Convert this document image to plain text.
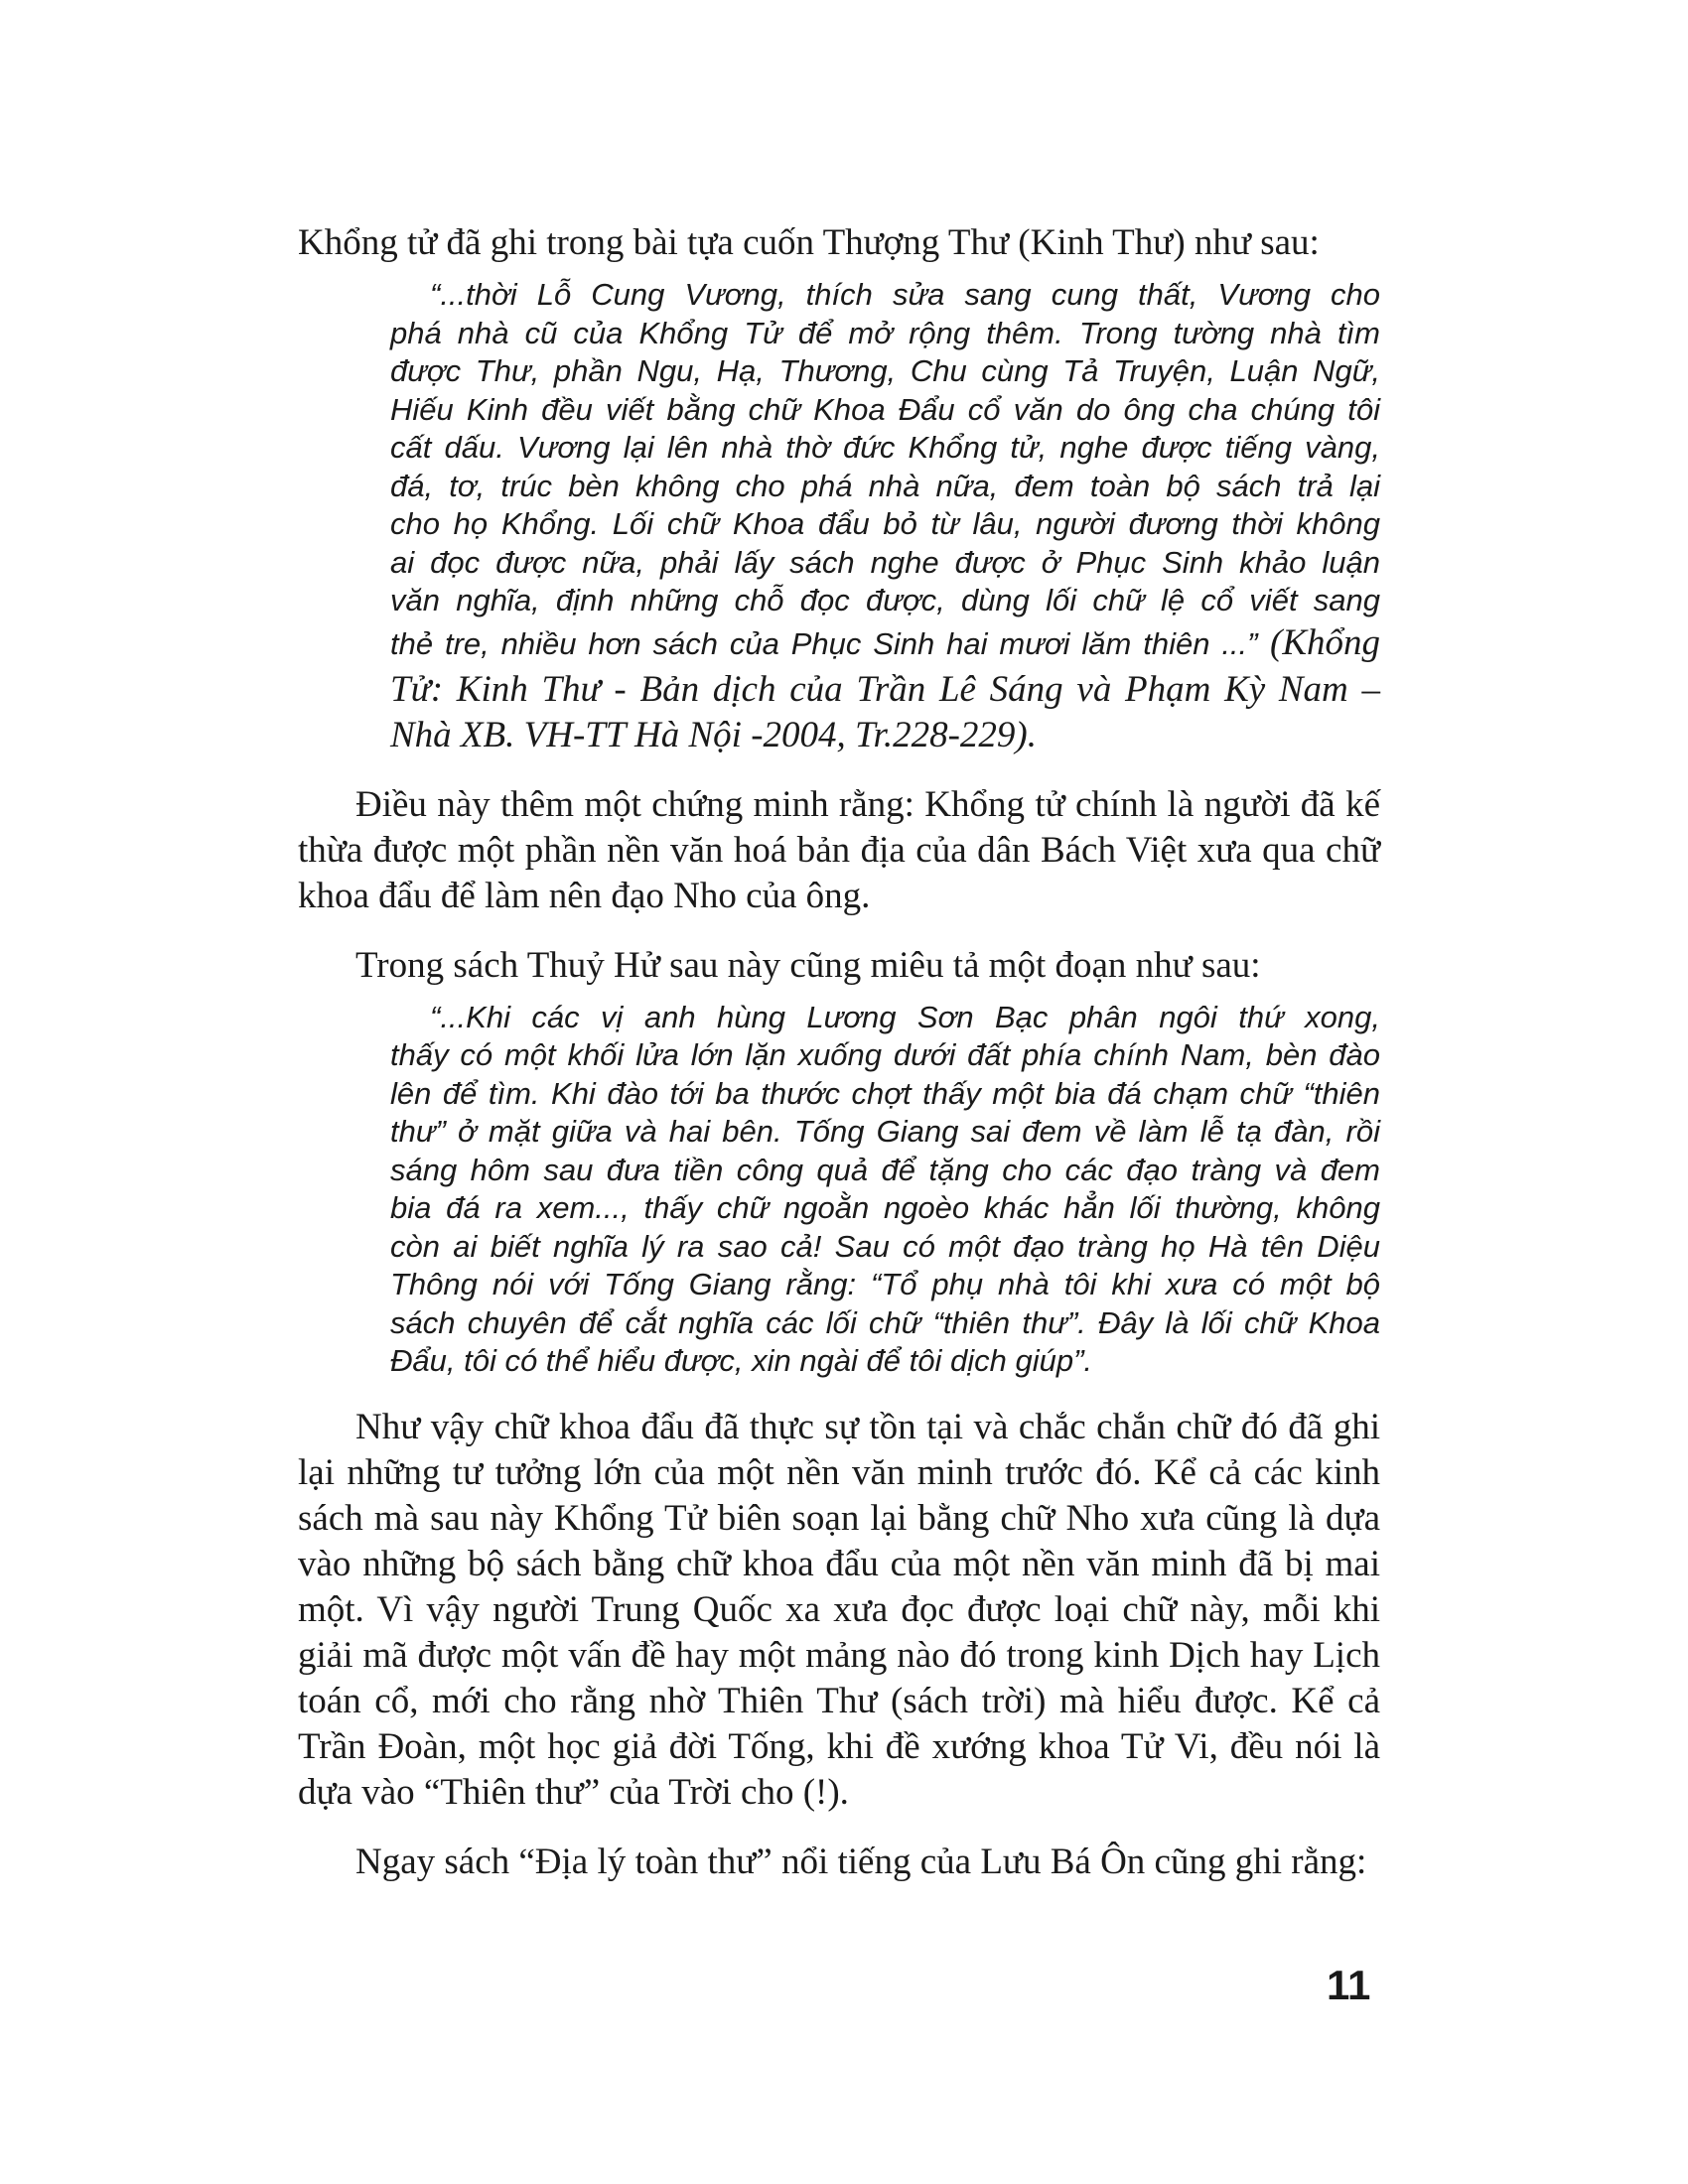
Khổng tử đã ghi trong bài tựa cuốn Thượng Thư (Kinh Thư) như sau:

“...thời Lỗ Cung Vương, thích sửa sang cung thất, Vương cho
phá nhà cũ của Khổng Tử để mở rộng thêm. Trong tường nhà tìm
được Thư, phần Ngu, Hạ, Thương, Chu cùng Tả Truyện, Luận Ngữ,
Hiếu Kinh đều viết bằng chữ Khoa Đẩu cổ văn do ông cha chúng tôi
cất dấu. Vương lại lên nhà thờ đức Khổng tử, nghe được tiếng vàng,
đá, tơ, trúc bèn không cho phá nhà nữa, đem toàn bộ sách trả lại
cho họ Khổng. Lối chữ Khoa đẩu bỏ từ lâu, người đương thời không
ai đọc được nữa, phải lấy sách nghe được ở Phục Sinh khảo luận
văn nghĩa, định những chỗ đọc được, dùng lối chữ lệ cổ viết sang
thẻ tre, nhiều hơn sách của Phục Sinh hai mươi lăm thiên ...” (Khổng
Tử: Kinh Thư - Bản dịch của Trần Lê Sáng và Phạm Kỳ Nam –
Nhà XB. VH-TT Hà Nội -2004, Tr.228-229).

Điều này thêm một chứng minh rằng: Khổng tử chính là người đã kế thừa được một phần nền văn hoá bản địa của dân Bách Việt xưa qua chữ khoa đẩu để làm nên đạo Nho của ông.

Trong sách Thuỷ Hử sau này cũng miêu tả một đoạn như sau:

“...Khi các vị anh hùng Lương Sơn Bạc phân ngôi thứ xong,
thấy có một khối lửa lớn lặn xuống dưới đất phía chính Nam, bèn đào
lên để tìm. Khi đào tới ba thước chợt thấy một bia đá chạm chữ “thiên
thư” ở mặt giữa và hai bên. Tống Giang sai đem về làm lễ tạ đàn, rồi
sáng hôm sau đưa tiền công quả để tặng cho các đạo tràng và đem
bia đá ra xem..., thấy chữ ngoằn ngoèo khác hẳn lối thường, không
còn ai biết nghĩa lý ra sao cả! Sau có một đạo tràng họ Hà tên Diệu
Thông nói với Tống Giang rằng: “Tổ phụ nhà tôi khi xưa có một bộ
sách chuyên để cắt nghĩa các lối chữ “thiên thư”. Đây là lối chữ Khoa
Đẩu, tôi có thể hiểu được, xin ngài để tôi dịch giúp”.

Như vậy chữ khoa đẩu đã thực sự tồn tại và chắc chắn chữ đó đã ghi lại những tư tưởng lớn của một nền văn minh trước đó. Kể cả các kinh sách mà sau này Khổng Tử biên soạn lại bằng chữ Nho xưa cũng là dựa vào những bộ sách bằng chữ khoa đẩu của một nền văn minh đã bị mai một. Vì vậy người Trung Quốc xa xưa đọc được loại chữ này, mỗi khi giải mã được một vấn đề hay một mảng nào đó trong kinh Dịch hay Lịch toán cổ, mới cho rằng nhờ Thiên Thư (sách trời) mà hiểu được. Kể cả Trần Đoàn, một học giả đời Tống, khi đề xướng khoa Tử Vi, đều nói là dựa vào “Thiên thư” của Trời cho (!).

Ngay sách “Địa lý toàn thư” nổi tiếng của Lưu Bá Ôn cũng ghi rằng:

11
